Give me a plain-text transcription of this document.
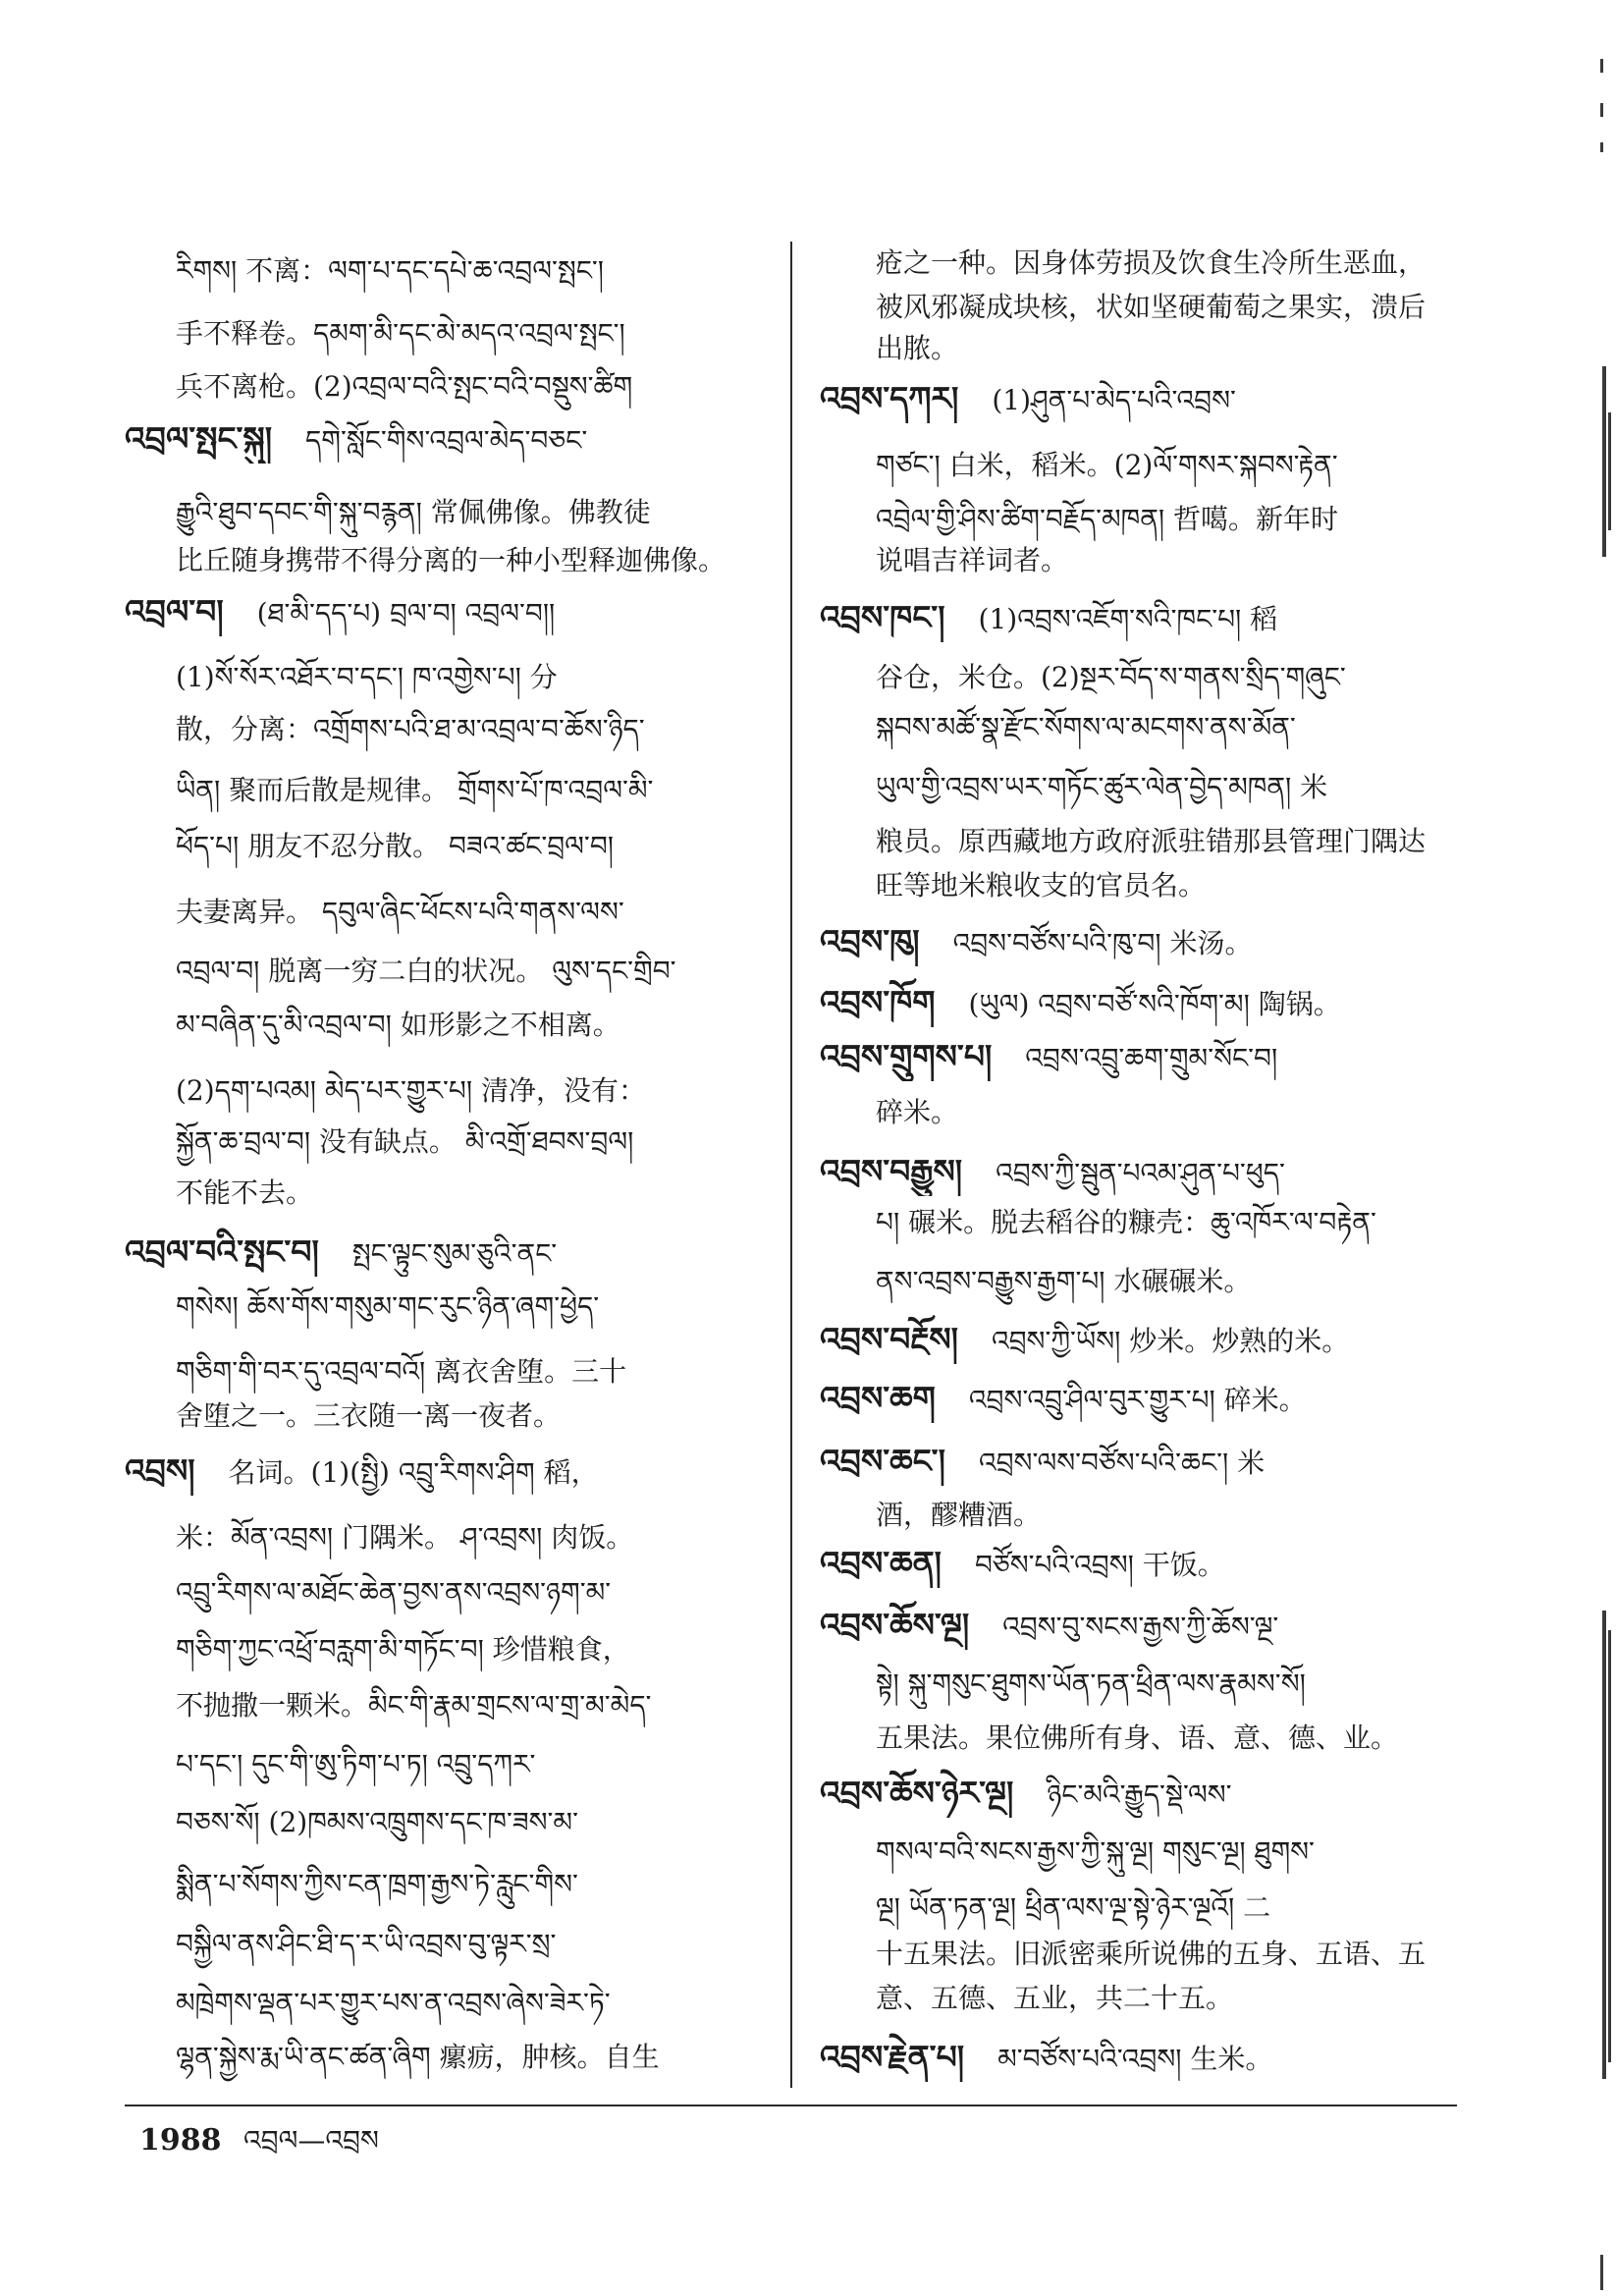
རིགས། 不离：ལག་པ་དང་དཔེ་ཆ་འབྲལ་སྤང་།
手不释卷。དམག་མི་དང་མེ་མདའ་འབྲལ་སྤང་།
兵不离枪。(2)འབྲལ་བའི་སྤང་བའི་བསྡུས་ཚིག
འབྲལ་སྤང་སྐུ། དགེ་སློང་གིས་འབྲལ་མེད་བཅང་
རྒྱུའི་ཐུབ་དབང་གི་སྐུ་བརྙན། 常佩佛像。佛教徒
比丘随身携带不得分离的一种小型释迦佛像。
འབྲལ་བ། (ཐ་མི་དད་པ) བྲལ་བ། འབྲལ་བ།།
(1)སོ་སོར་འཐོར་བ་དང་། ཁ་འགྱེས་པ། 分
散，分离：འགྲོགས་པའི་ཐ་མ་འབྲལ་བ་ཆོས་ཉིད་
ཡིན། 聚而后散是规律。 གྲོགས་པོ་ཁ་འབྲལ་མི་
ཕོད་པ། 朋友不忍分散。 བཟའ་ཚང་བྲལ་བ།
夫妻离异。 དབུལ་ཞིང་ཕོངས་པའི་གནས་ལས་
འབྲལ་བ། 脱离一穷二白的状况。 ལུས་དང་གྲིབ་
མ་བཞིན་དུ་མི་འབྲལ་བ། 如形影之不相离。
(2)དག་པའམ། མེད་པར་གྱུར་པ། 清净，没有：
སྐྱོན་ཆ་བྲལ་བ། 没有缺点。 མི་འགྲོ་ཐབས་བྲལ།
不能不去。
འབྲལ་བའི་སྤང་བ། སྤང་ལྟུང་སུམ་ཅུའི་ནང་
གསེས། ཆོས་གོས་གསུམ་གང་རུང་ཉིན་ཞག་ཕྱེད་
གཅིག་གི་བར་དུ་འབྲལ་བའོ། 离衣舍堕。三十
舍堕之一。三衣随一离一夜者。
འབྲས། 名词。(1)(སྤྱི) འབྲུ་རིགས་ཤིག 稻，
米：མོན་འབྲས། 门隅米。 ཤ་འབྲས། 肉饭。
འབྲུ་རིགས་ལ་མཐོང་ཆེན་བྱས་ནས་འབྲས་ཉག་མ་
གཅིག་ཀྱང་འཕྲོ་བརླག་མི་གཏོང་བ། 珍惜粮食，
不抛撒一颗米。མིང་གི་རྣམ་གྲངས་ལ་གྲ་མ་མེད་
པ་དང་། དུང་གི་ཨུ་ཏིག་པ་ཏ། འབྲུ་དཀར་
བཅས་སོ། (2)ཁམས་འཁྲུགས་དང་ཁ་ཟས་མ་
སྨིན་པ་སོགས་ཀྱིས་ངན་ཁྲག་རྒྱས་ཏེ་རླུང་གིས་
བསྐྱིལ་ནས་ཤིང་ཐི་ད་ར་ཡི་འབྲས་བུ་ལྟར་སྲ་
མཁྲེགས་ལྡན་པར་གྱུར་པས་ན་འབྲས་ཞེས་ཟེར་ཏེ་
ལྷན་སྐྱེས་རྨ་ཡི་ནང་ཚན་ཞིག 瘰疬，肿核。自生
疮之一种。因身体劳损及饮食生冷所生恶血，
被风邪凝成块核，状如坚硬葡萄之果实，溃后
出脓。
འབྲས་དཀར། (1)ཤུན་པ་མེད་པའི་འབྲས་
གཙང་། 白米，稻米。(2)ལོ་གསར་སྐབས་རྟེན་
འབྲེལ་གྱི་ཤིས་ཚིག་བརྗོད་མཁན། 哲噶。新年时
说唱吉祥词者。
འབྲས་ཁང་། (1)འབྲས་འཇོག་སའི་ཁང་པ། 稻
谷仓，米仓。(2)སྔར་བོད་ས་གནས་སྲིད་གཞུང་
སྐབས་མཚོ་སྣ་རྫོང་སོགས་ལ་མངགས་ནས་མོན་
ཡུལ་གྱི་འབྲས་ཡར་གཏོང་ཚུར་ལེན་བྱེད་མཁན། 米
粮员。原西藏地方政府派驻错那县管理门隅达
旺等地米粮收支的官员名。
འབྲས་ཁུ། འབྲས་བཙོས་པའི་ཁུ་བ། 米汤。
འབྲས་ཁོག (ཡུལ) འབྲས་བཙོ་སའི་ཁོག་མ། 陶锅。
འབྲས་གྲུགས་པ། འབྲས་འབྲུ་ཆག་གྲུམ་སོང་བ།
碎米。
འབྲས་བརྒྱུས། འབྲས་ཀྱི་སྦུན་པའམ་ཤུན་པ་ཕུད་
པ། 碾米。脱去稻谷的糠壳：ཆུ་འཁོར་ལ་བརྟེན་
ནས་འབྲས་བརྒྱུས་རྒྱག་པ། 水碾碾米。
འབྲས་བརྔོས། འབྲས་ཀྱི་ཡོས། 炒米。炒熟的米。
འབྲས་ཆག འབྲས་འབྲུ་ཤིལ་བུར་གྱུར་པ། 碎米。
འབྲས་ཆང་། འབྲས་ལས་བཙོས་པའི་ཆང་། 米
酒，醪糟酒。
འབྲས་ཆན། བཙོས་པའི་འབྲས། 干饭。
འབྲས་ཆོས་ལྔ། འབྲས་བུ་སངས་རྒྱས་ཀྱི་ཆོས་ལྔ་
སྟེ། སྐུ་གསུང་ཐུགས་ཡོན་ཏན་ཕྲིན་ལས་རྣམས་སོ།
五果法。果位佛所有身、语、意、德、业。
འབྲས་ཆོས་ཉེར་ལྔ། ཉིང་མའི་རྒྱུད་སྡེ་ལས་
གསལ་བའི་སངས་རྒྱས་ཀྱི་སྐུ་ལྔ། གསུང་ལྔ། ཐུགས་
ལྔ། ཡོན་ཏན་ལྔ། ཕྲིན་ལས་ལྔ་སྟེ་ཉེར་ལྔའོ། 二
十五果法。旧派密乘所说佛的五身、五语、五
意、五德、五业，共二十五。
འབྲས་རྗེན་པ། མ་བཙོས་པའི་འབྲས། 生米。
1988 འབྲལ—འབྲས
